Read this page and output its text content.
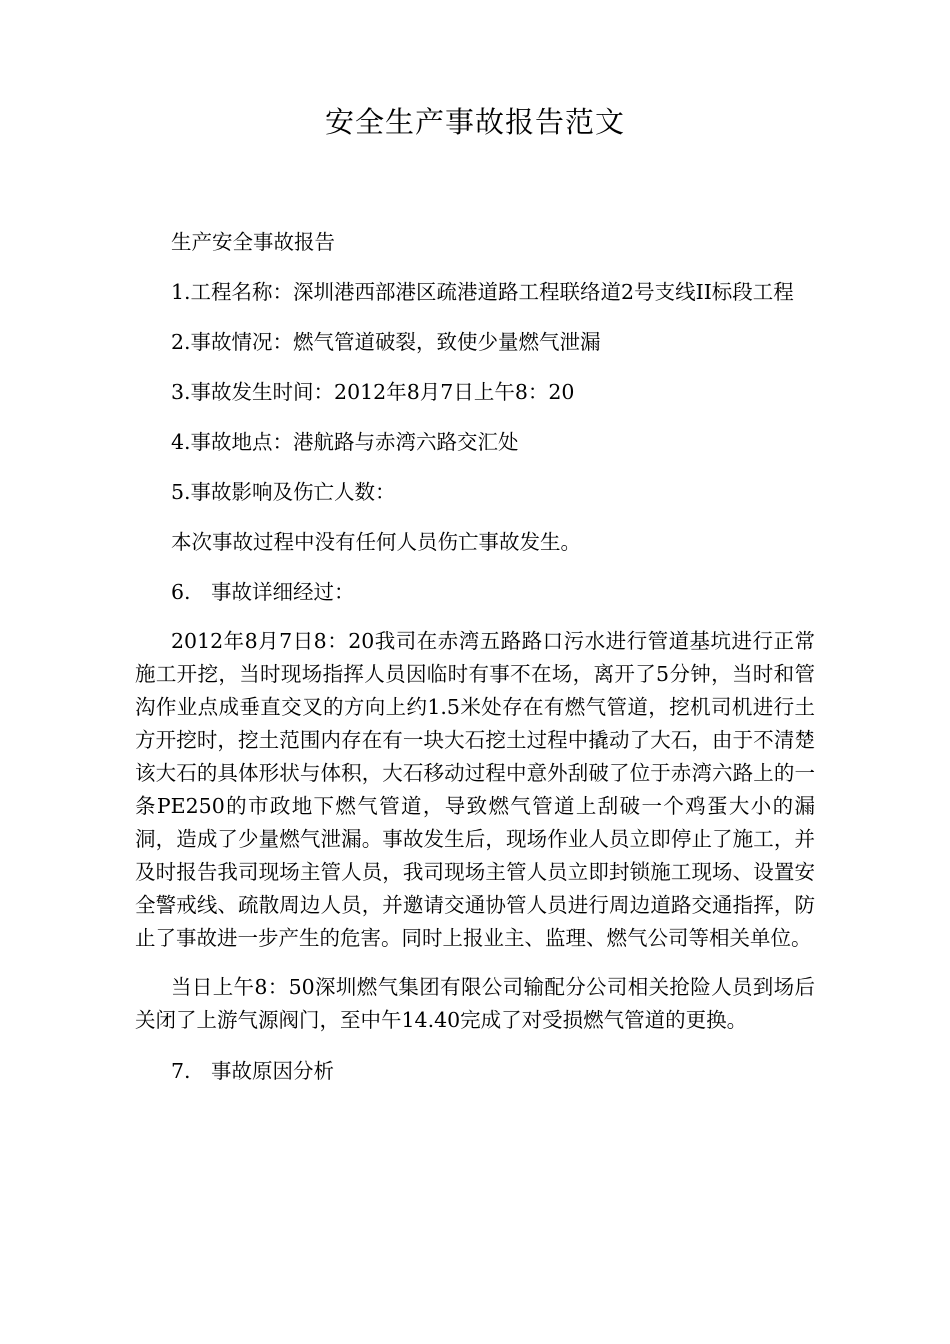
安全生产事故报告范文

生产安全事故报告

1.工程名称：深圳港西部港区疏港道路工程联络道2号支线II标段工程

2.事故情况：燃气管道破裂，致使少量燃气泄漏

3.事故发生时间：2012年8月7日上午8：20

4.事故地点：港航路与赤湾六路交汇处

5.事故影响及伤亡人数：

本次事故过程中没有任何人员伤亡事故发生。

6.　事故详细经过：

2012年8月7日8：20我司在赤湾五路路口污水进行管道基坑进行正常施工开挖，当时现场指挥人员因临时有事不在场，离开了5分钟，当时和管沟作业点成垂直交叉的方向上约1.5米处存在有燃气管道，挖机司机进行土方开挖时，挖土范围内存在有一块大石挖土过程中撬动了大石，由于不清楚该大石的具体形状与体积，大石移动过程中意外刮破了位于赤湾六路上的一条PE250的市政地下燃气管道，导致燃气管道上刮破一个鸡蛋大小的漏洞，造成了少量燃气泄漏。事故发生后，现场作业人员立即停止了施工，并及时报告我司现场主管人员，我司现场主管人员立即封锁施工现场、设置安全警戒线、疏散周边人员，并邀请交通协管人员进行周边道路交通指挥，防止了事故进一步产生的危害。同时上报业主、监理、燃气公司等相关单位。

当日上午8：50深圳燃气集团有限公司输配分公司相关抢险人员到场后关闭了上游气源阀门，至中午14.40完成了对受损燃气管道的更换。

7.　事故原因分析
